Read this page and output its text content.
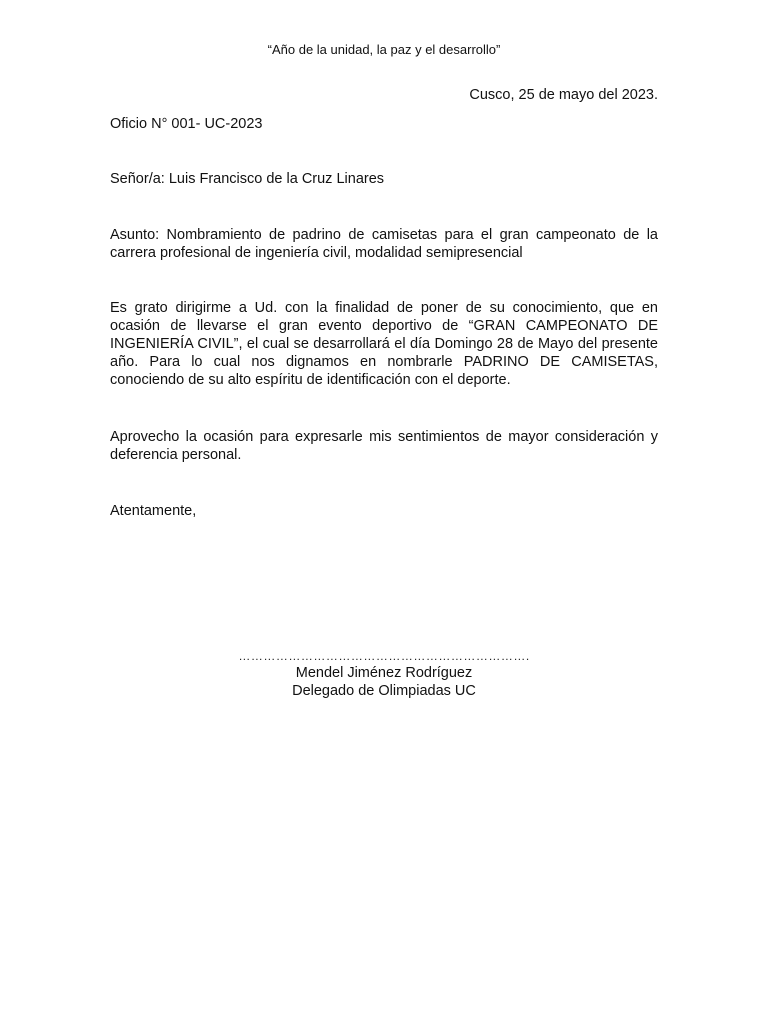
“Año de la unidad, la paz y el desarrollo”
Cusco, 25 de mayo del 2023.
Oficio N° 001- UC-2023
Señor/a: Luis Francisco de la Cruz Linares
Asunto: Nombramiento de padrino de camisetas para el gran campeonato de la carrera profesional de ingeniería civil, modalidad semipresencial
Es grato dirigirme a Ud. con la finalidad de poner de su conocimiento, que en ocasión de llevarse el gran evento deportivo de “GRAN CAMPEONATO DE INGENIERÍA CIVIL”, el cual se desarrollará el día Domingo 28 de Mayo del presente año. Para lo cual nos dignamos en nombrarle PADRINO DE CAMISETAS, conociendo de su alto espíritu de identificación con el deporte.
Aprovecho la ocasión para expresarle mis sentimientos de mayor consideración y deferencia personal.
Atentamente,
…………………………………………………………….
Mendel Jiménez Rodríguez
Delegado de Olimpiadas UC
